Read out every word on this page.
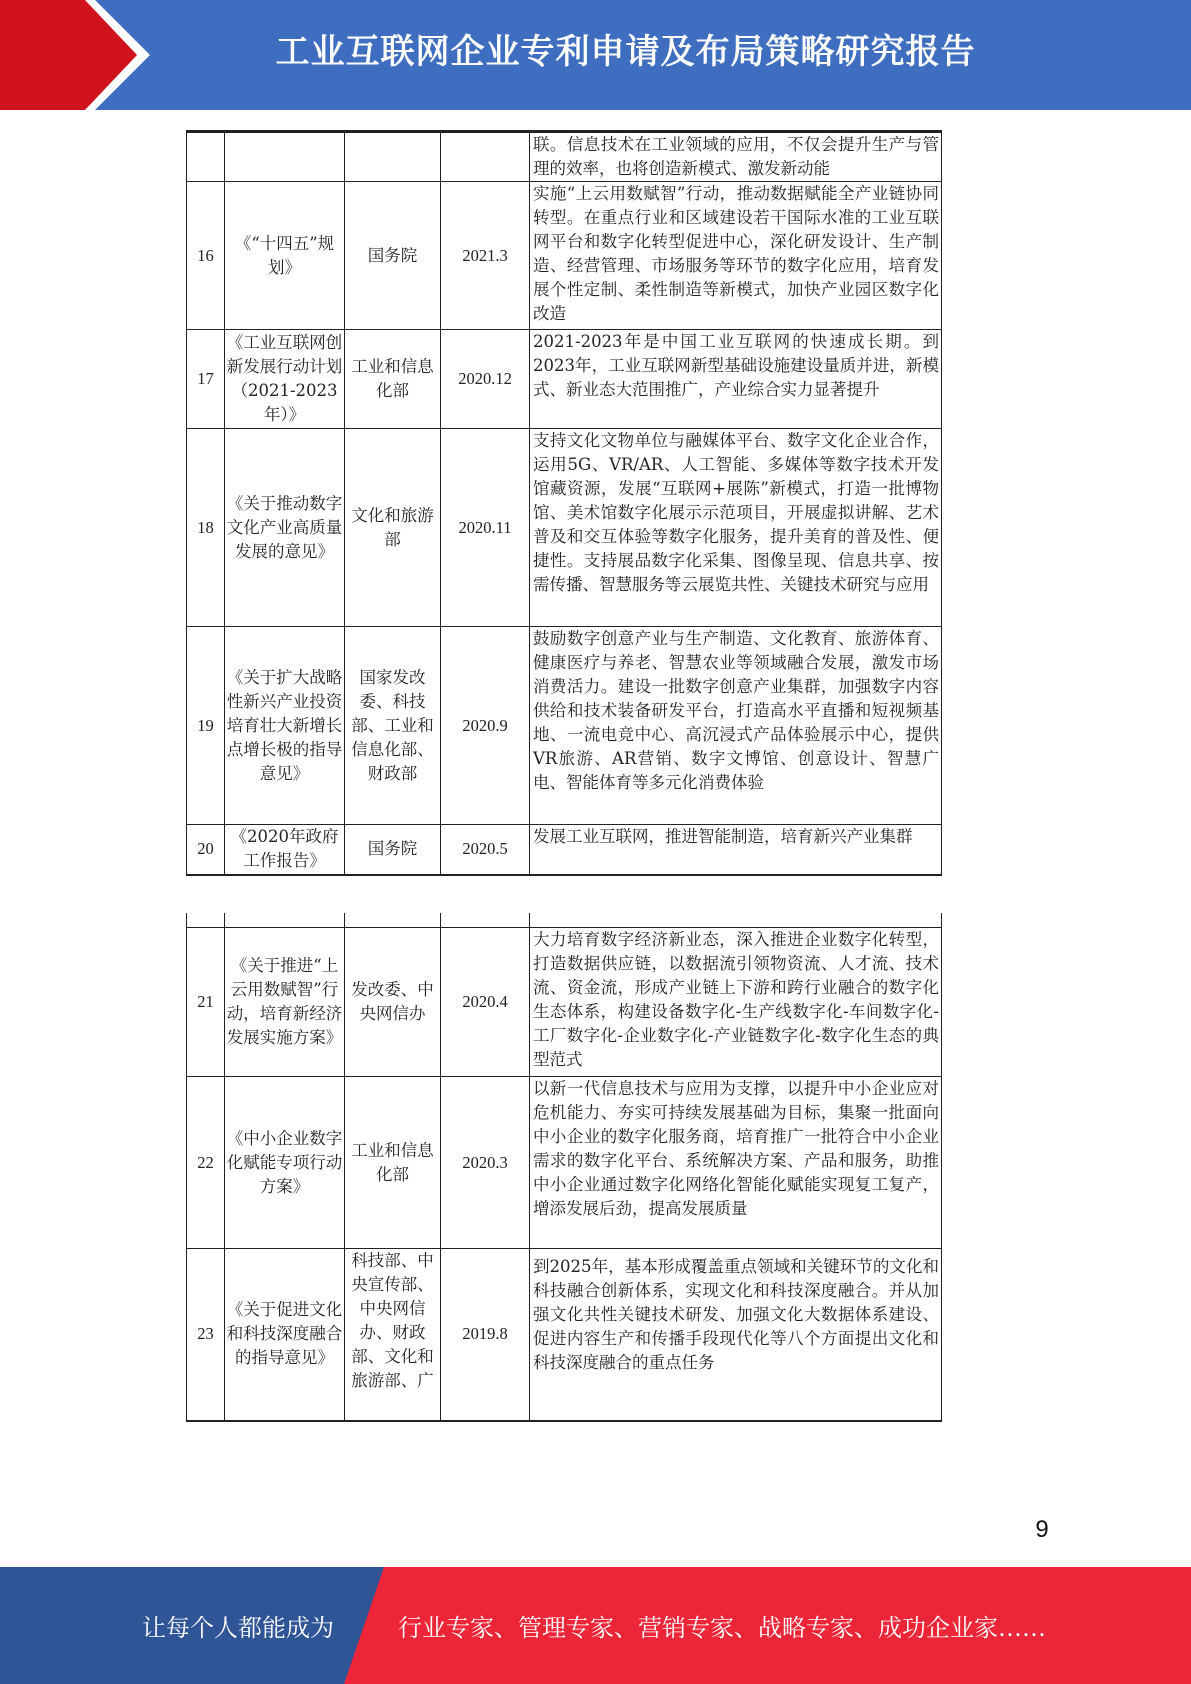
工业互联网企业专利申请及布局策略研究报告
				联。信息技术在工业领域的应用，不仅会提升生产与管理的效率，也将创造新模式、激发新动能
16	《“十四五”规划》	国务院	2021.3	实施“上云用数赋智”行动，推动数据赋能全产业链协同转型。在重点行业和区域建设若干国际水准的工业互联网平台和数字化转型促进中心，深化研发设计、生产制造、经营管理、市场服务等环节的数字化应用，培育发展个性定制、柔性制造等新模式，加快产业园区数字化改造
17	《工业互联网创新发展行动计划（2021-2023年）》	工业和信息化部	2020.12	2021-2023年是中国工业互联网的快速成长期。到2023年，工业互联网新型基础设施建设量质并进，新模式、新业态大范围推广，产业综合实力显著提升
18	《关于推动数字文化产业高质量发展的意见》	文化和旅游部	2020.11	支持文化文物单位与融媒体平台、数字文化企业合作，运用5G、VR/AR、人工智能、多媒体等数字技术开发馆藏资源，发展“互联网+展陈”新模式，打造一批博物馆、美术馆数字化展示示范项目，开展虚拟讲解、艺术普及和交互体验等数字化服务，提升美育的普及性、便捷性。支持展品数字化采集、图像呈现、信息共享、按需传播、智慧服务等云展览共性、关键技术研究与应用
19	《关于扩大战略性新兴产业投资培育壮大新增长点增长极的指导意见》	国家发改委、科技部、工业和信息化部、财政部	2020.9	鼓励数字创意产业与生产制造、文化教育、旅游体育、健康医疗与养老、智慧农业等领域融合发展，激发市场消费活力。建设一批数字创意产业集群，加强数字内容供给和技术装备研发平台，打造高水平直播和短视频基地、一流电竞中心、高沉浸式产品体验展示中心，提供VR旅游、AR营销、数字文博馆、创意设计、智慧广电、智能体育等多元化消费体验
20	《2020年政府工作报告》	国务院	2020.5	发展工业互联网，推进智能制造，培育新兴产业集群

21	《关于推进“上云用数赋智”行动，培育新经济发展实施方案》	发改委、中央网信办	2020.4	大力培育数字经济新业态，深入推进企业数字化转型，打造数据供应链，以数据流引领物资流、人才流、技术流、资金流，形成产业链上下游和跨行业融合的数字化生态体系，构建设备数字化-生产线数字化-车间数字化-工厂数字化-企业数字化-产业链数字化-数字化生态的典型范式
22	《中小企业数字化赋能专项行动方案》	工业和信息化部	2020.3	以新一代信息技术与应用为支撑，以提升中小企业应对危机能力、夯实可持续发展基础为目标，集聚一批面向中小企业的数字化服务商，培育推广一批符合中小企业需求的数字化平台、系统解决方案、产品和服务，助推中小企业通过数字化网络化智能化赋能实现复工复产，增添发展后劲，提高发展质量
23	《关于促进文化和科技深度融合的指导意见》	科技部、中央宣传部、中央网信办、财政部、文化和旅游部、广	2019.8	到2025年，基本形成覆盖重点领域和关键环节的文化和科技融合创新体系，实现文化和科技深度融合。并从加强文化共性关键技术研发、加强文化大数据体系建设、促进内容生产和传播手段现代化等八个方面提出文化和科技深度融合的重点任务
9
让每个人都能成为	行业专家、管理专家、营销专家、战略专家、成功企业家……
